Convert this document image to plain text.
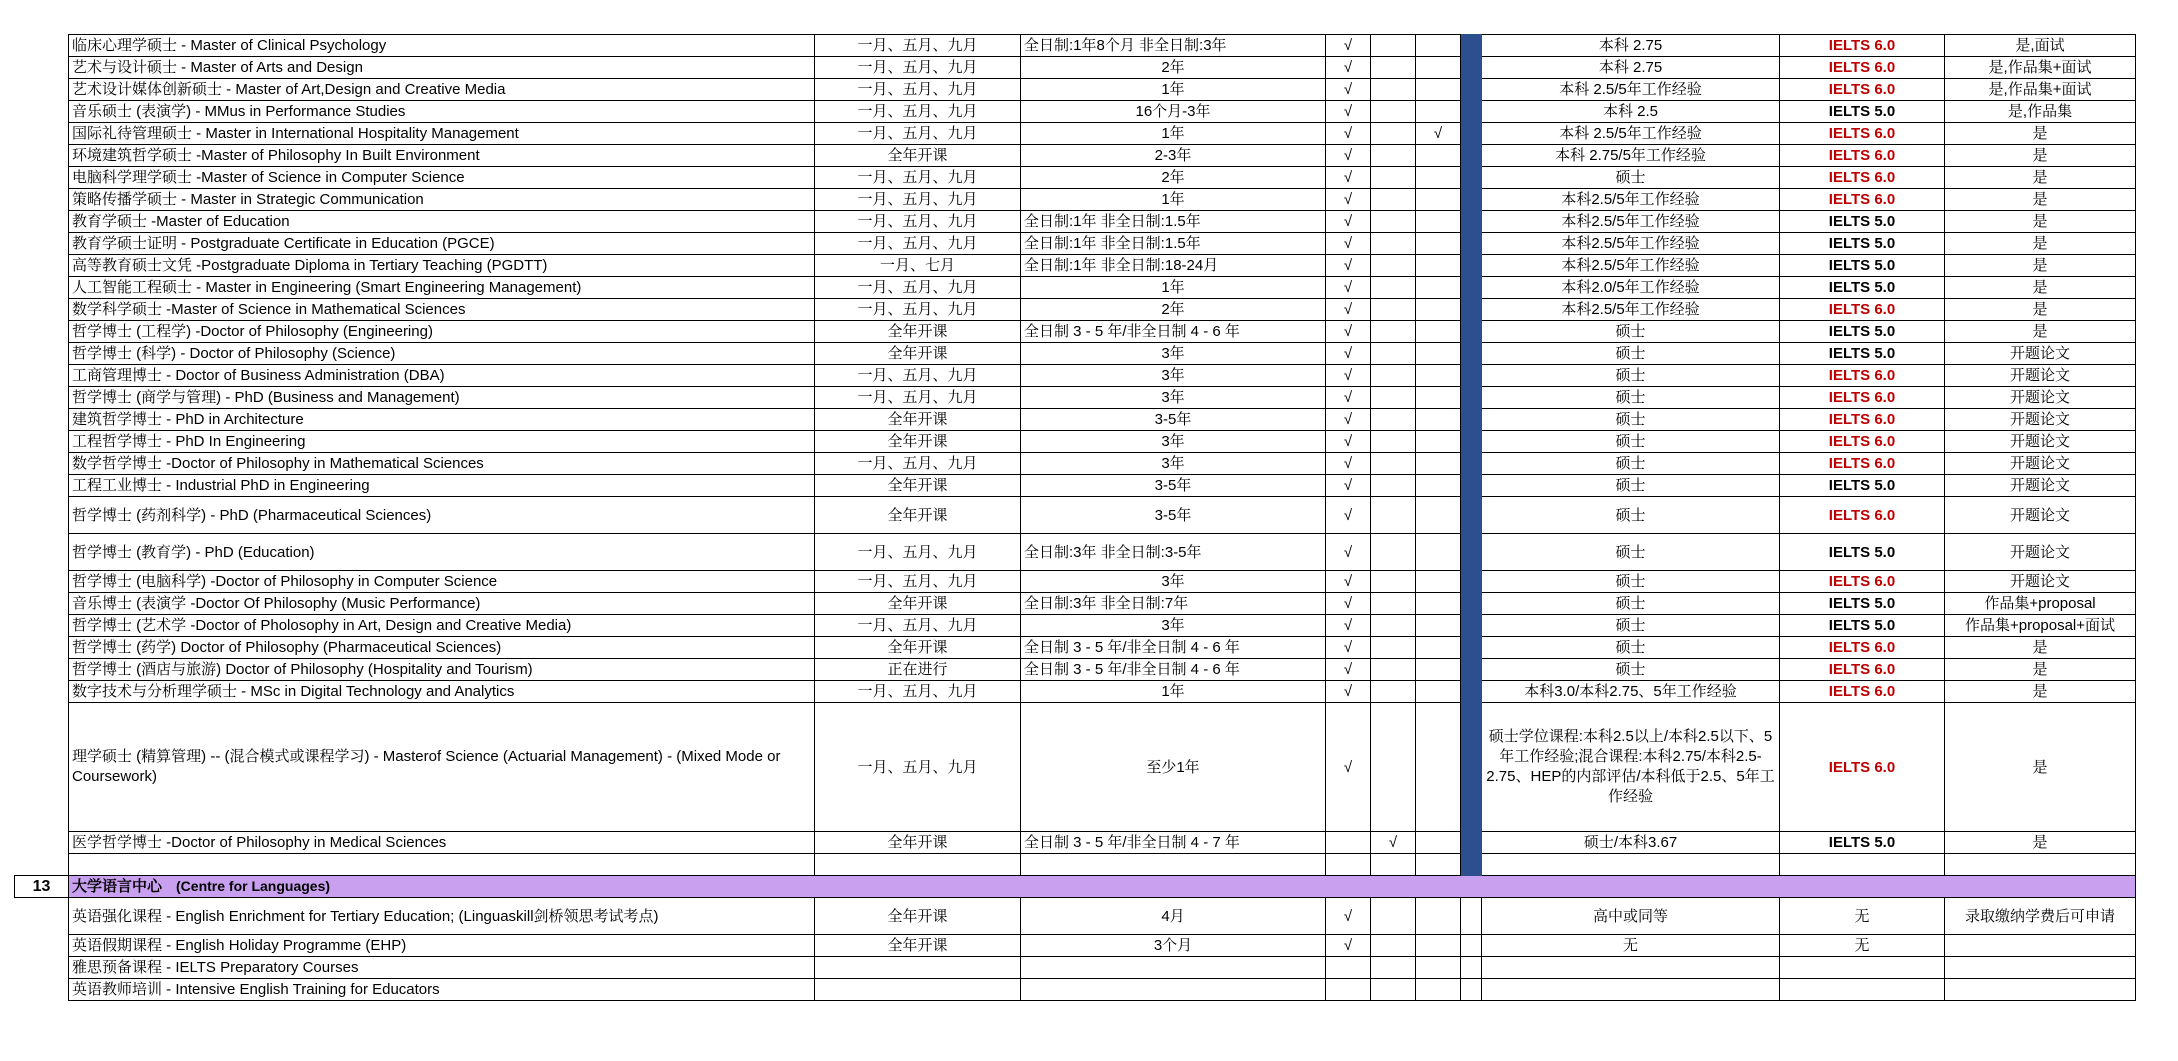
	临床心理学硕士 - Master of Clinical Psychology	一月、五月、九月	全日制:1年8个月 非全日制:3年	√				本科 2.75	IELTS 6.0	是,面试
	艺术与设计硕士 - Master of Arts and Design	一月、五月、九月	2年	√				本科 2.75	IELTS 6.0	是,作品集+面试
	艺术设计媒体创新硕士 - Master of Art,Design and Creative Media	一月、五月、九月	1年	√				本科 2.5/5年工作经验	IELTS 6.0	是,作品集+面试
	音乐硕士 (表演学) - MMus in Performance Studies	一月、五月、九月	16个月-3年	√				本科 2.5	IELTS 5.0	是,作品集
	国际礼待管理硕士 - Master in International Hospitality Management	一月、五月、九月	1年	√		√		本科 2.5/5年工作经验	IELTS 6.0	是
	环境建筑哲学硕士 -Master of Philosophy In Built Environment	全年开课	2-3年	√				本科 2.75/5年工作经验	IELTS 6.0	是
	电脑科学理学硕士 -Master of Science in Computer Science	一月、五月、九月	2年	√				硕士	IELTS 6.0	是
	策略传播学硕士 - Master in Strategic Communication	一月、五月、九月	1年	√				本科2.5/5年工作经验	IELTS 6.0	是
	教育学硕士 -Master of Education	一月、五月、九月	全日制:1年 非全日制:1.5年	√				本科2.5/5年工作经验	IELTS 5.0	是
	教育学硕士证明 - Postgraduate Certificate in Education (PGCE)	一月、五月、九月	全日制:1年 非全日制:1.5年	√				本科2.5/5年工作经验	IELTS 5.0	是
	高等教育硕士文凭 -Postgraduate Diploma in Tertiary Teaching (PGDTT)	一月、七月	全日制:1年 非全日制:18-24月	√				本科2.5/5年工作经验	IELTS 5.0	是
	人工智能工程硕士 - Master in Engineering (Smart Engineering Management)	一月、五月、九月	1年	√				本科2.0/5年工作经验	IELTS 5.0	是
	数学科学硕士 -Master of Science in Mathematical Sciences	一月、五月、九月	2年	√				本科2.5/5年工作经验	IELTS 6.0	是
	哲学博士 (工程学) -Doctor of Philosophy (Engineering)	全年开课	全日制 3 - 5 年/非全日制 4 - 6 年	√				硕士	IELTS 5.0	是
	哲学博士 (科学) - Doctor of Philosophy (Science)	全年开课	3年	√				硕士	IELTS 5.0	开题论文
	工商管理博士 - Doctor of Business Administration (DBA)	一月、五月、九月	3年	√				硕士	IELTS 6.0	开题论文
	哲学博士 (商学与管理) - PhD (Business and Management)	一月、五月、九月	3年	√				硕士	IELTS 6.0	开题论文
	建筑哲学博士 - PhD in Architecture	全年开课	3-5年	√				硕士	IELTS 6.0	开题论文
	工程哲学博士 - PhD In Engineering	全年开课	3年	√				硕士	IELTS 6.0	开题论文
	数学哲学博士 -Doctor of Philosophy in Mathematical Sciences	一月、五月、九月	3年	√				硕士	IELTS 6.0	开题论文
	工程工业博士 - Industrial PhD in Engineering	全年开课	3-5年	√				硕士	IELTS 5.0	开题论文
	哲学博士 (药剂科学) - PhD (Pharmaceutical Sciences)	全年开课	3-5年	√				硕士	IELTS 6.0	开题论文
	哲学博士 (教育学) - PhD (Education)	一月、五月、九月	全日制:3年 非全日制:3-5年	√				硕士	IELTS 5.0	开题论文
	哲学博士 (电脑科学) -Doctor of Philosophy in Computer Science	一月、五月、九月	3年	√				硕士	IELTS 6.0	开题论文
	音乐博士 (表演学 -Doctor Of Philosophy (Music Performance)	全年开课	全日制:3年 非全日制:7年	√				硕士	IELTS 5.0	作品集+proposal
	哲学博士 (艺术学 -Doctor of Pholosophy in Art, Design and Creative Media)	一月、五月、九月	3年	√				硕士	IELTS 5.0	作品集+proposal+面试
	哲学博士 (药学) Doctor of Philosophy (Pharmaceutical Sciences)	全年开课	全日制 3 - 5 年/非全日制 4 - 6 年	√				硕士	IELTS 6.0	是
	哲学博士 (酒店与旅游) Doctor of Philosophy (Hospitality and Tourism)	正在进行	全日制 3 - 5 年/非全日制 4 - 6 年	√				硕士	IELTS 6.0	是
	数字技术与分析理学硕士 - MSc in Digital Technology and Analytics	一月、五月、九月	1年	√				本科3.0/本科2.75、5年工作经验	IELTS 6.0	是
	理学硕士 (精算管理) -- (混合模式或课程学习) - Masterof Science (Actuarial Management) - (Mixed Mode or Coursework)	一月、五月、九月	至少1年	√				硕士学位课程:本科2.5以上/本科2.5以下、5年工作经验;混合课程:本科2.75/本科2.5-2.75、HEP的内部评估/本科低于2.5、5年工作经验	IELTS 6.0	是
	医学哲学博士 -Doctor of Philosophy in Medical Sciences	全年开课	全日制 3 - 5 年/非全日制 4 - 7 年		√			硕士/本科3.67	IELTS 5.0	是

13	大学语言中心 (Centre for Languages)									
	英语强化课程 - English Enrichment for Tertiary Education; (Linguaskill剑桥领思考试考点)	全年开课	4月	√				高中或同等	无	录取缴纳学费后可申请
	英语假期课程 - English Holiday Programme (EHP)	全年开课	3个月	√				无	无	
	雅思预备课程 - IELTS Preparatory Courses									
	英语教师培训 - Intensive English Training for Educators									
